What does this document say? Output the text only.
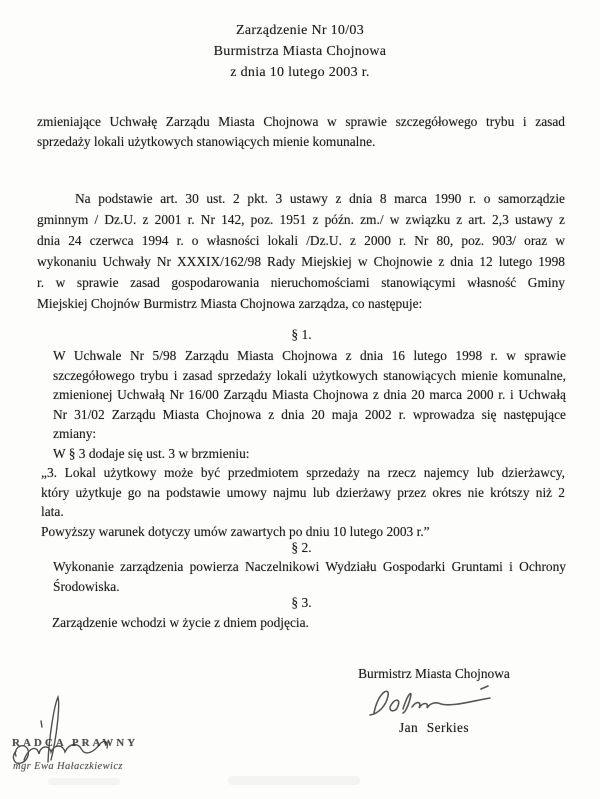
Zarządzenie Nr 10/03
Burmistrza Miasta Chojnowa
z dnia 10 lutego 2003 r.
zmieniające Uchwałę Zarządu Miasta Chojnowa w sprawie szczegółowego trybu i zasad
sprzedaży lokali użytkowych stanowiących mienie komunalne.
Na podstawie art. 30 ust. 2 pkt. 3 ustawy z dnia 8 marca 1990 r. o samorządzie
gminnym / Dz.U. z 2001 r. Nr 142, poz. 1951 z późn. zm./ w związku z art. 2,3 ustawy z
dnia 24 czerwca 1994 r. o własności lokali /Dz.U. z 2000 r. Nr 80, poz. 903/ oraz w
wykonaniu Uchwały Nr XXXIX/162/98 Rady Miejskiej w Chojnowie z dnia 12 lutego 1998
r. w sprawie zasad gospodarowania nieruchomościami stanowiącymi własność Gminy
Miejskiej Chojnów Burmistrz Miasta Chojnowa zarządza, co następuje:
§ 1.
W Uchwale Nr 5/98 Zarządu Miasta Chojnowa z dnia 16 lutego 1998 r. w sprawie
szczegółowego trybu i zasad sprzedaży lokali użytkowych stanowiących mienie komunalne,
zmienionej Uchwałą Nr 16/00 Zarządu Miasta Chojnowa z dnia 20 marca 2000 r. i Uchwałą
Nr 31/02 Zarządu Miasta Chojnowa z dnia 20 maja 2002 r. wprowadza się następujące
zmiany:
W § 3 dodaje się ust. 3 w brzmieniu:
„3. Lokal użytkowy może być przedmiotem sprzedaży na rzecz najemcy lub dzierżawcy,
który użytkuje go na podstawie umowy najmu lub dzierżawy przez okres nie krótszy niż 2
lata.
Powyższy warunek dotyczy umów zawartych po dniu 10 lutego 2003 r.”
§ 2.
Wykonanie zarządzenia powierza Naczelnikowi Wydziału Gospodarki Gruntami i Ochrony
Środowiska.
§ 3.
Zarządzenie wchodzi w życie z dniem podjęcia.
Burmistrz Miasta Chojnowa
Jan Serkies
RADCA PRAWNY
mgr Ewa Hałaczkiewicz
